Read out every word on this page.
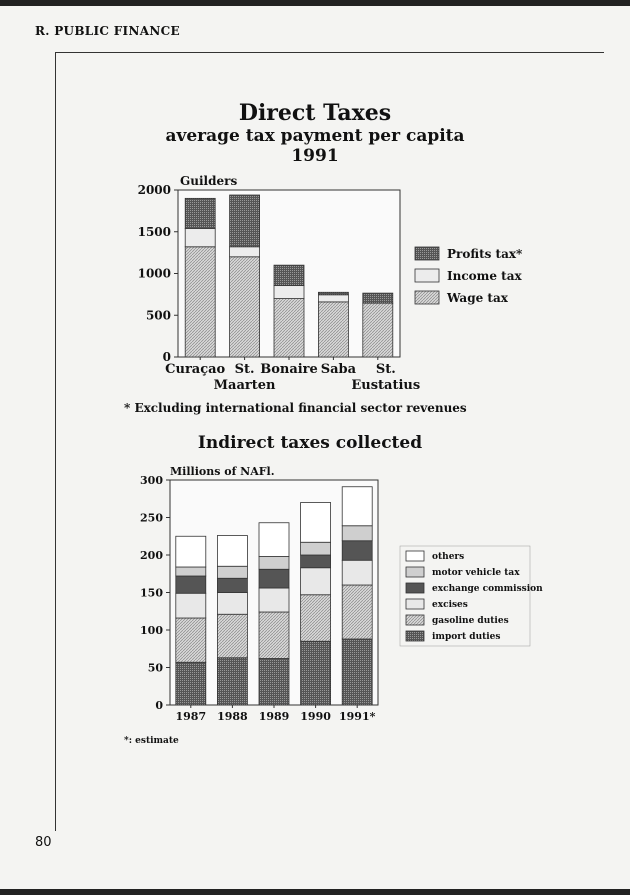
R. PUBLIC FINANCE
Direct Taxes
average tax payment per capita
1991
Indirect taxes collected
80
Guilders
0
500
1000
1500
2000
Curaçao St.
Maarten
Bonaire Saba St.
Eustatius
Profits tax*
Income tax
Wage tax
* Excluding international financial sector revenues
Millions of NAFl.
0
50
100
150
200
250
300
1987 1988 1989 1990 1991*
others
motor vehicle tax
exchange commission
excises
gasoline duties
import duties
*: estimate
